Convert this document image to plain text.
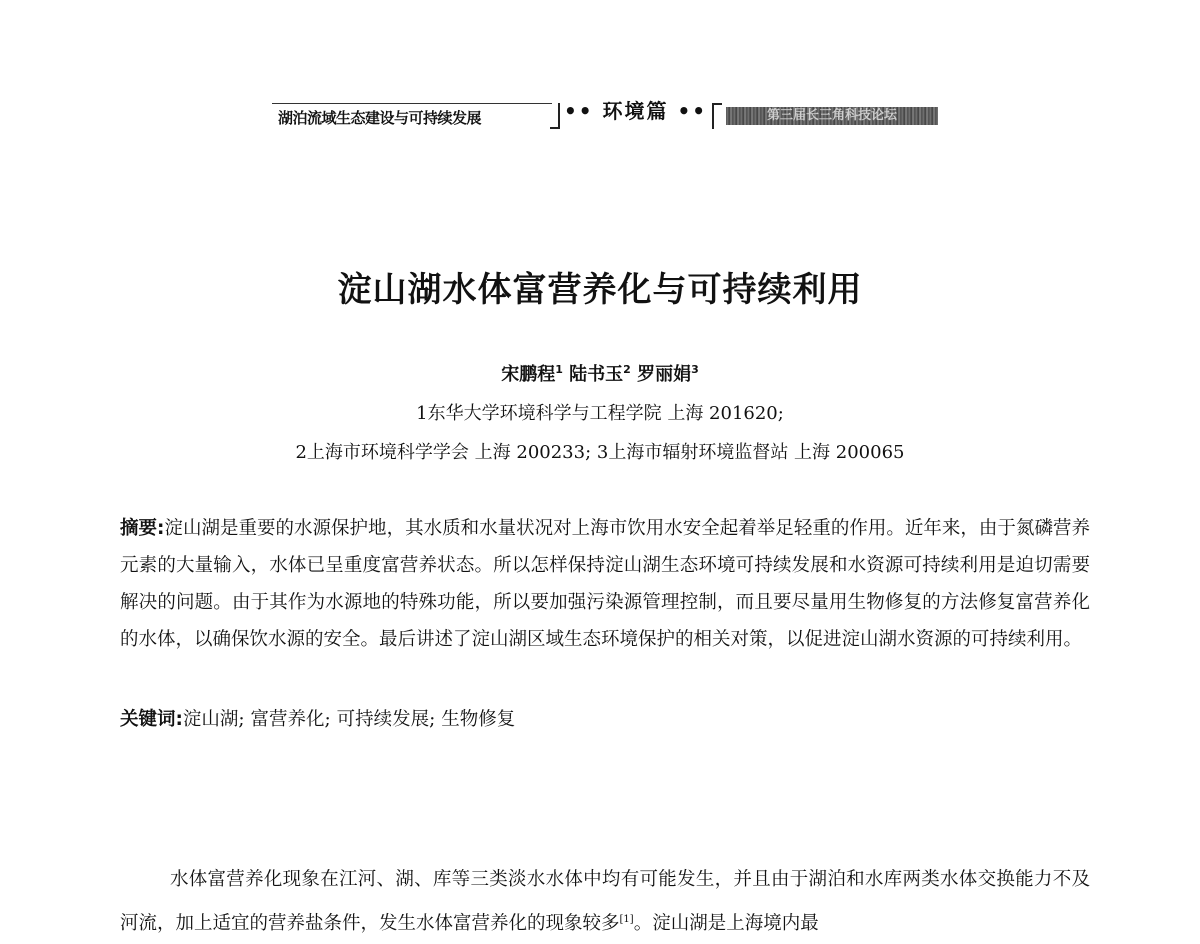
湖泊流域生态建设与可持续发展	•• 环境篇 ••	第三届长三角科技论坛
淀山湖水体富营养化与可持续利用

宋鹏程$^1$ 陆书玉$^2$ 罗丽娟$^3$

1东华大学环境科学与工程学院 上海 201620;

2上海市环境科学学会 上海 200233; 3上海市辐射环境监督站 上海 200065

摘要:淀山湖是重要的水源保护地，其水质和水量状况对上海市饮用水安全起着举足轻重的作用。近年来，由于氮磷营养元素的大量输入，水体已呈重度富营养状态。所以怎样保持淀山湖生态环境可持续发展和水资源可持续利用是迫切需要解决的问题。由于其作为水源地的特殊功能，所以要加强污染源管理控制，而且要尽量用生物修复的方法修复富营养化的水体，以确保饮水源的安全。最后讲述了淀山湖区域生态环境保护的相关对策，以促进淀山湖水资源的可持续利用。

关键词:淀山湖; 富营养化; 可持续发展; 生物修复

水体富营养化现象在江河、湖、库等三类淡水水体中均有可能发生，并且由于湖泊和水库两类水体交换能力不及河流，加上适宜的营养盐条件，发生水体富营养化的现象较多[1]。淀山湖是上海境内最
